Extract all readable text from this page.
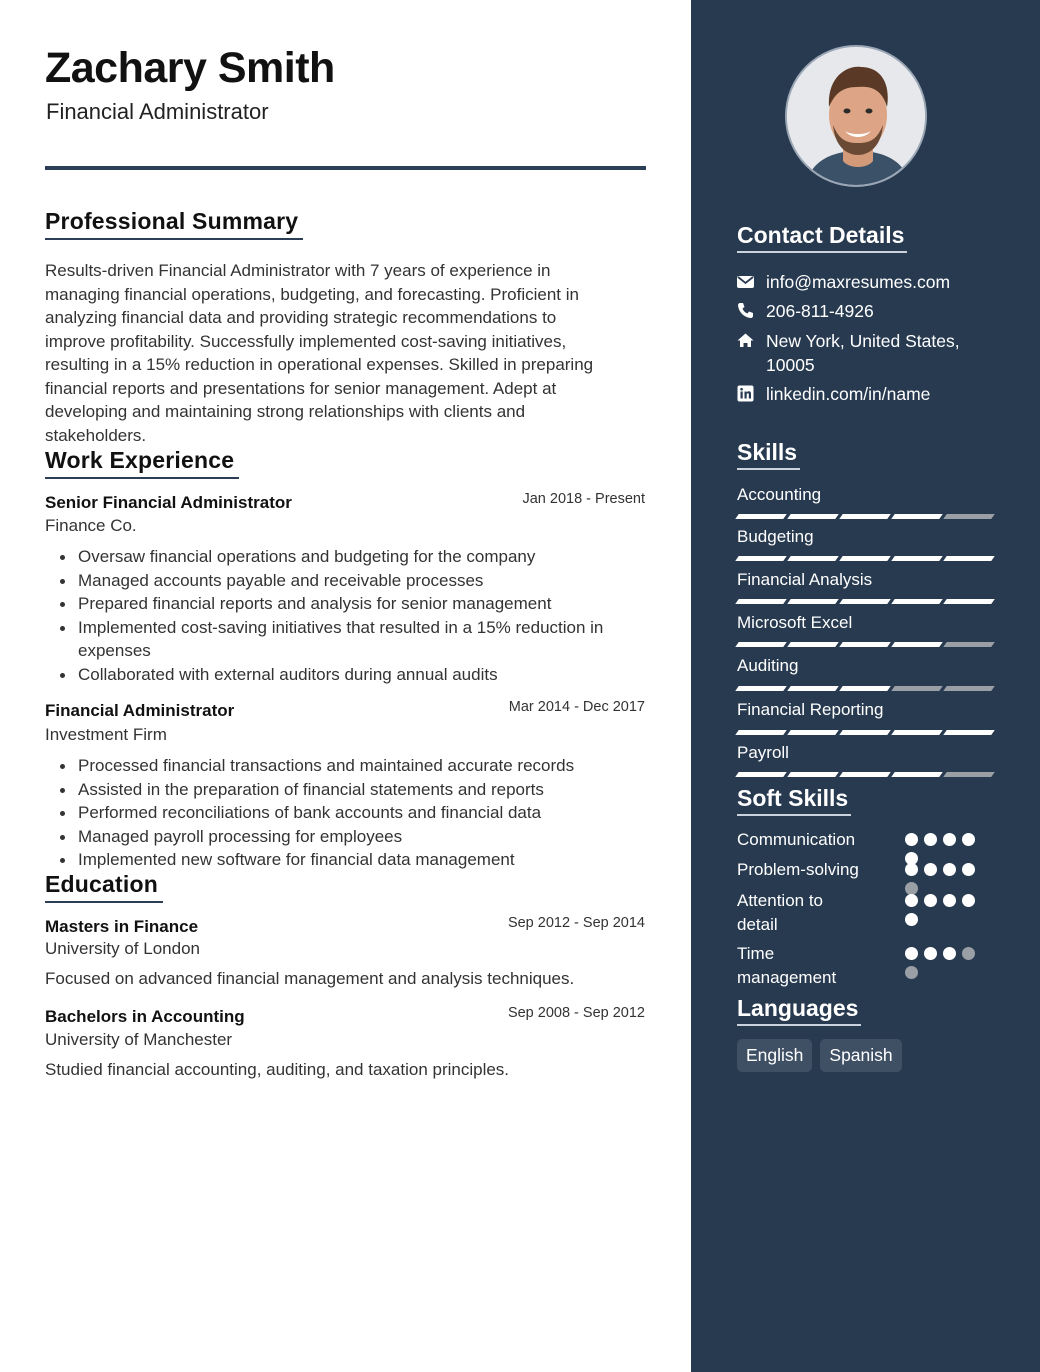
Zachary Smith
Financial Administrator
Professional Summary
Results-driven Financial Administrator with 7 years of experience in
managing financial operations, budgeting, and forecasting. Proficient in
analyzing financial data and providing strategic recommendations to
improve profitability. Successfully implemented cost-saving initiatives,
resulting in a 15% reduction in operational expenses. Skilled in preparing
financial reports and presentations for senior management. Adept at
developing and maintaining strong relationships with clients and
stakeholders.
Work Experience
Senior Financial Administrator	Jan 2018 - Present
Finance Co.
Oversaw financial operations and budgeting for the company
Managed accounts payable and receivable processes
Prepared financial reports and analysis for senior management
Implemented cost-saving initiatives that resulted in a 15% reduction in expenses
Collaborated with external auditors during annual audits
Financial Administrator	Mar 2014 - Dec 2017
Investment Firm
Processed financial transactions and maintained accurate records
Assisted in the preparation of financial statements and reports
Performed reconciliations of bank accounts and financial data
Managed payroll processing for employees
Implemented new software for financial data management
Education
Masters in Finance	Sep 2012 - Sep 2014
University of London
Focused on advanced financial management and analysis techniques.
Bachelors in Accounting	Sep 2008 - Sep 2012
University of Manchester
Studied financial accounting, auditing, and taxation principles.
Contact Details
info@maxresumes.com
206-811-4926
New York, United States,
10005
linkedin.com/in/name
Skills
Accounting
Budgeting
Financial Analysis
Microsoft Excel
Auditing
Financial Reporting
Payroll
Soft Skills
Communication
Problem-solving
Attention to detail
Time management
Languages
English	Spanish
